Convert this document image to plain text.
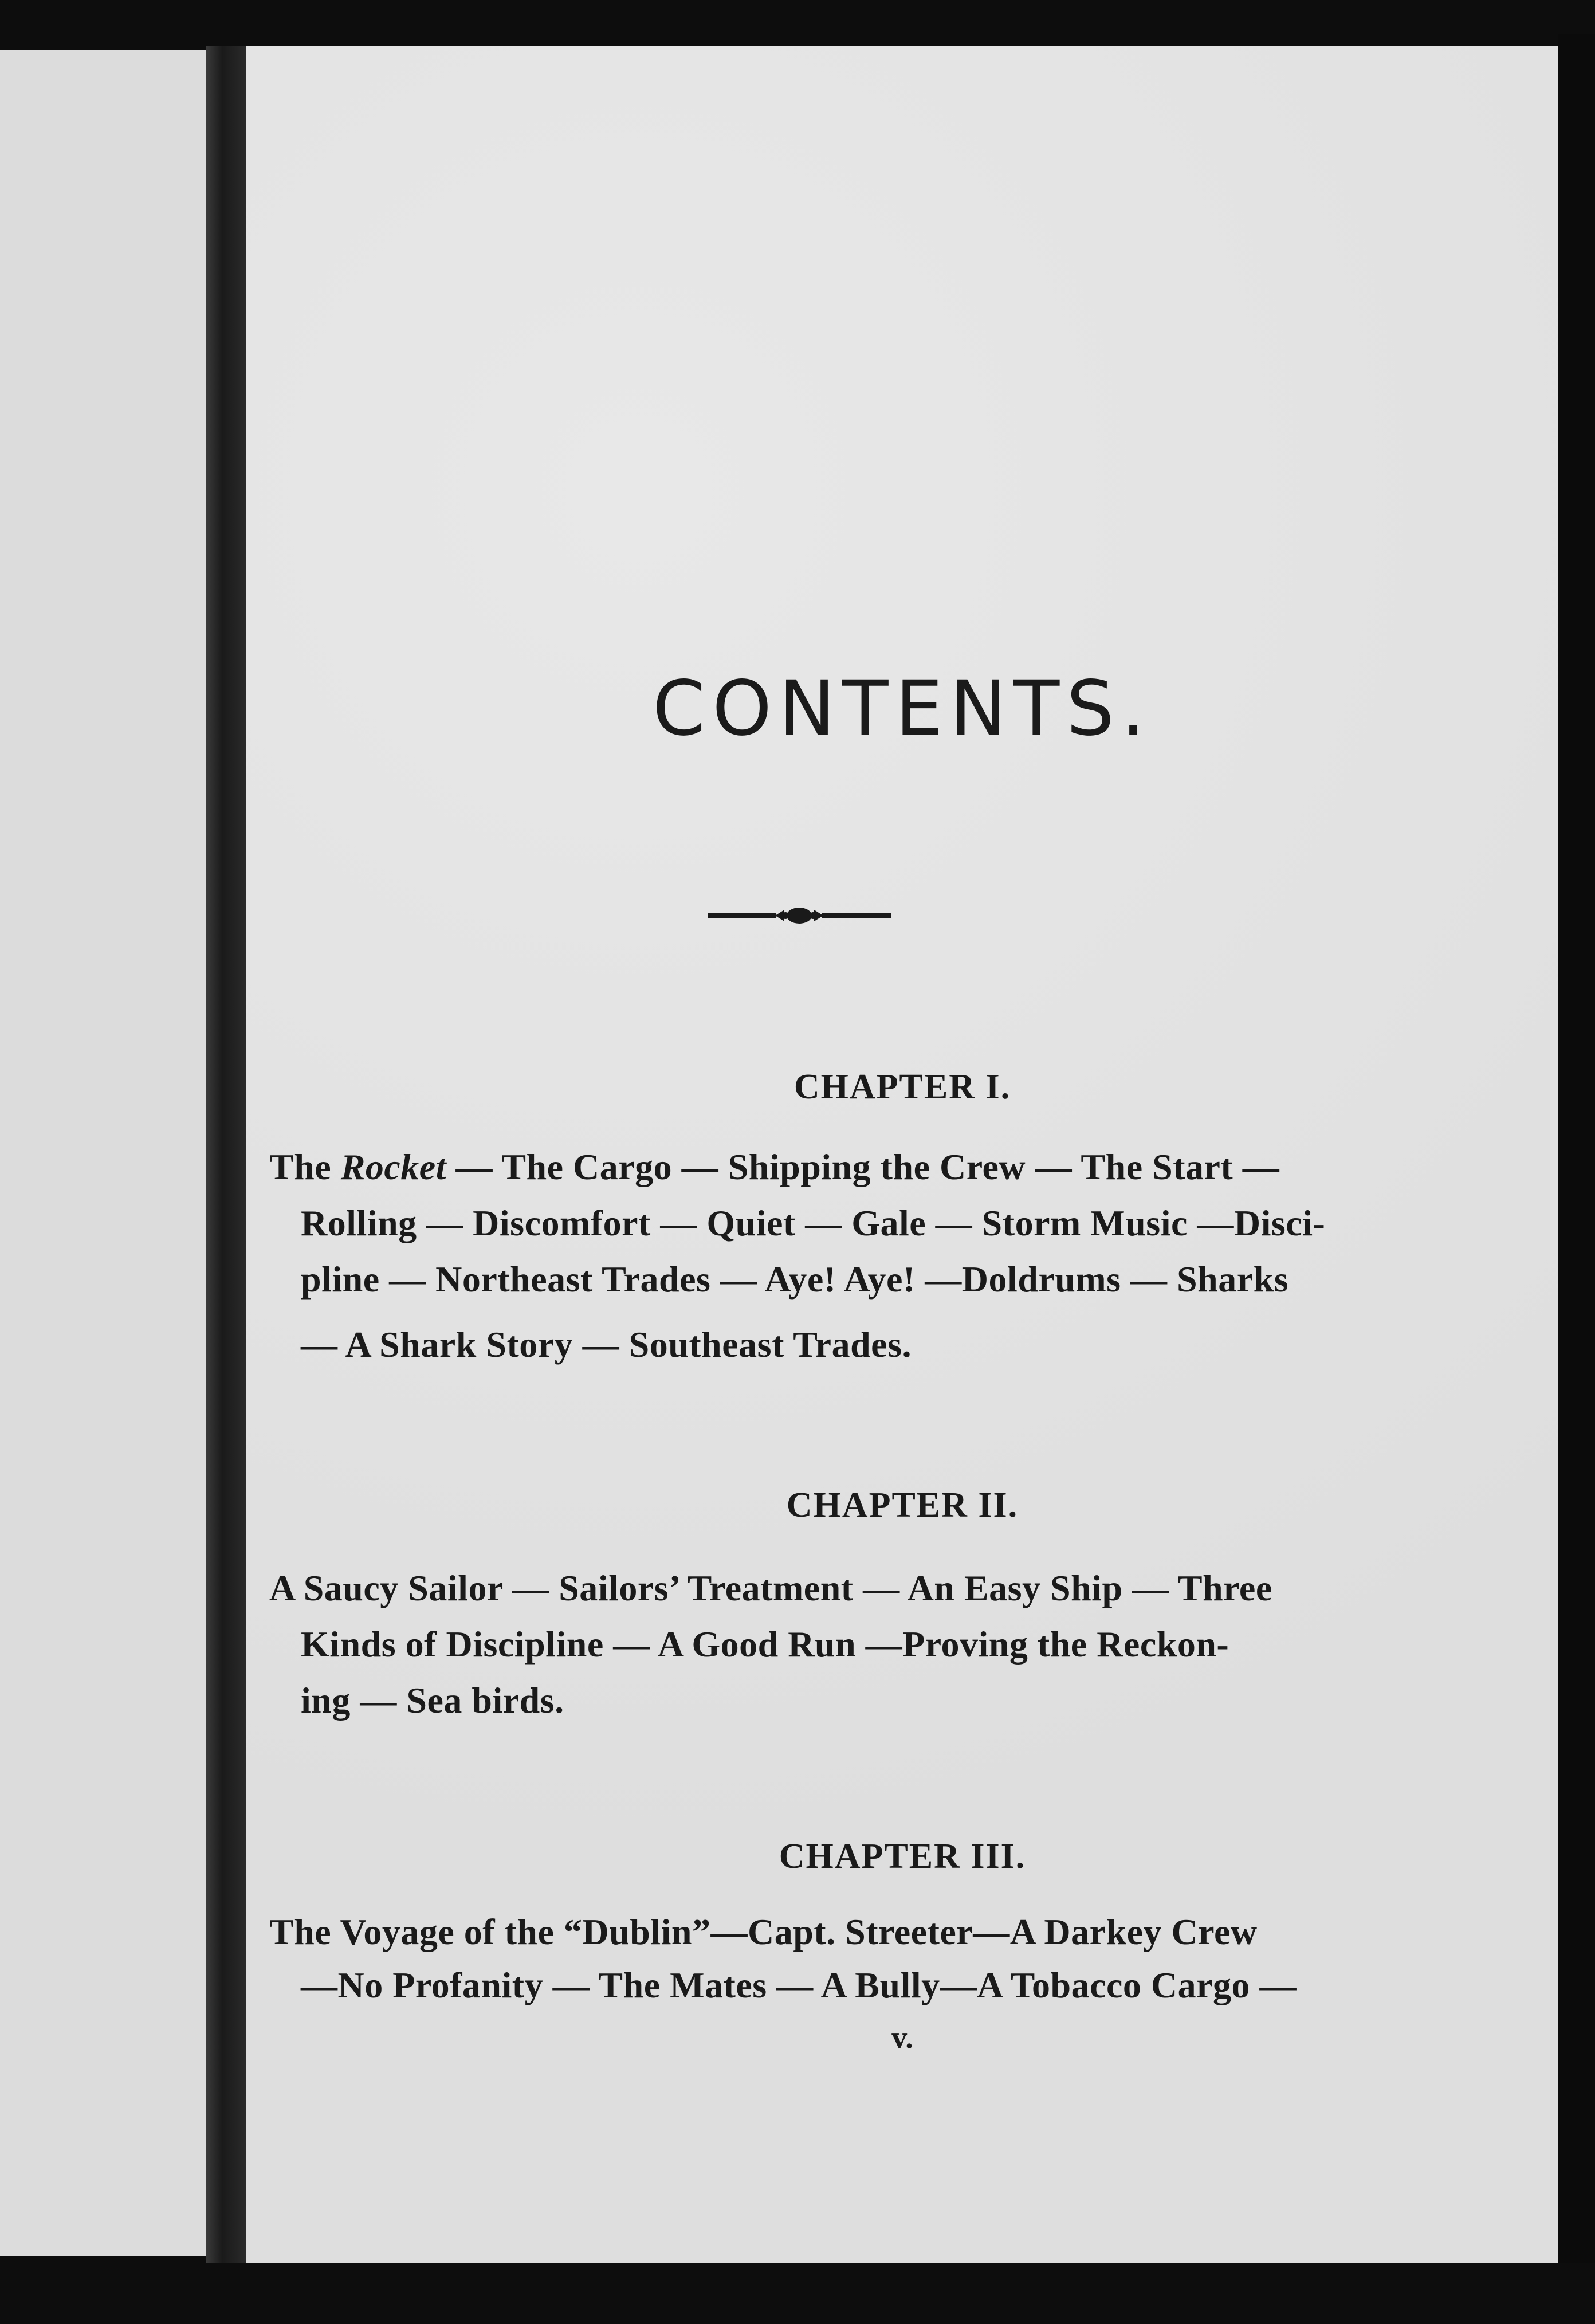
CONTENTS.
CHAPTER I.
The Rocket — The Cargo — Shipping the Crew — The Start —
Rolling — Discomfort — Quiet — Gale — Storm Music —Disci-
pline — Northeast Trades — Aye! Aye! —Doldrums — Sharks
— A Shark Story — Southeast Trades.
CHAPTER II.
A Saucy Sailor — Sailors’ Treatment — An Easy Ship — Three
Kinds of Discipline — A Good Run —Proving the Reckon-
ing — Sea birds.
CHAPTER III.
The Voyage of the “Dublin”—Capt. Streeter—A Darkey Crew
—No Profanity — The Mates — A Bully—A Tobacco Cargo —
v.
